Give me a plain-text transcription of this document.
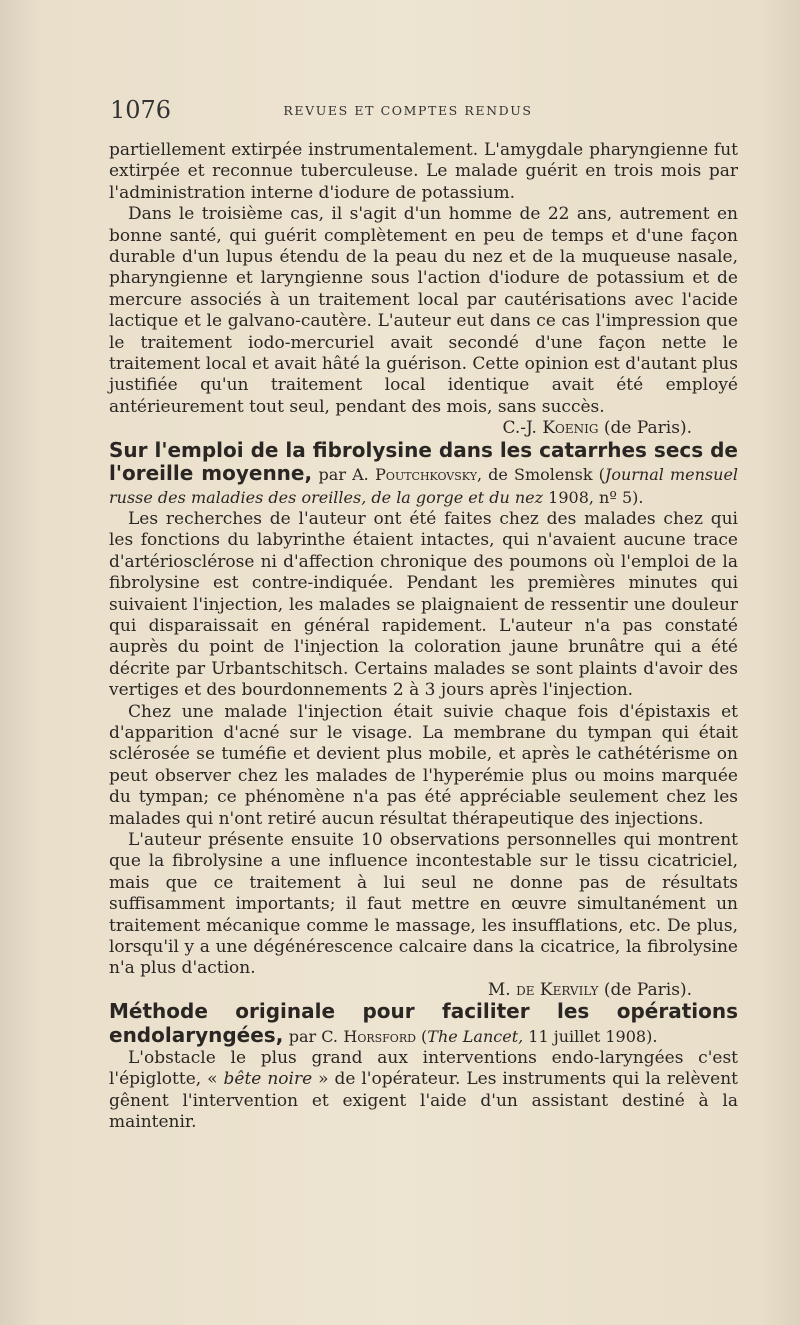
1076	REVUES ET COMPTES RENDUS

partiellement extirpée instrumentalement. L'amygdale pharyngienne fut extirpée et reconnue tuberculeuse. Le malade guérit en trois mois par l'administration interne d'iodure de potassium.

Dans le troisième cas, il s'agit d'un homme de 22 ans, autrement en bonne santé, qui guérit complètement en peu de temps et d'une façon durable d'un lupus étendu de la peau du nez et de la muqueuse nasale, pharyngienne et laryngienne sous l'action d'iodure de potassium et de mercure associés à un traitement local par cautérisations avec l'acide lactique et le galvano-cautère. L'auteur eut dans ce cas l'impression que le traitement iodo-mercuriel avait secondé d'une façon nette le traitement local et avait hâté la guérison. Cette opinion est d'autant plus justifiée qu'un traitement local identique avait été employé antérieurement tout seul, pendant des mois, sans succès.

C.-J. Koenig (de Paris).

Sur l'emploi de la fibrolysine dans les catarrhes secs de l'oreille moyenne, par A. Poutchkovsky, de Smolensk (Journal mensuel russe des maladies des oreilles, de la gorge et du nez 1908, nº 5).

Les recherches de l'auteur ont été faites chez des malades chez qui les fonctions du labyrinthe étaient intactes, qui n'avaient aucune trace d'artériosclérose ni d'affection chronique des poumons où l'emploi de la fibrolysine est contre-indiquée. Pendant les premières minutes qui suivaient l'injection, les malades se plaignaient de ressentir une douleur qui disparaissait en général rapidement. L'auteur n'a pas constaté auprès du point de l'injection la coloration jaune brunâtre qui a été décrite par Urbantschitsch. Certains malades se sont plaints d'avoir des vertiges et des bourdonnements 2 à 3 jours après l'injection.

Chez une malade l'injection était suivie chaque fois d'épistaxis et d'apparition d'acné sur le visage. La membrane du tympan qui était sclérosée se tuméfie et devient plus mobile, et après le cathétérisme on peut observer chez les malades de l'hyperémie plus ou moins marquée du tympan; ce phénomène n'a pas été appréciable seulement chez les malades qui n'ont retiré aucun résultat thérapeutique des injections.

L'auteur présente ensuite 10 observations personnelles qui montrent que la fibrolysine a une influence incontestable sur le tissu cicatriciel, mais que ce traitement à lui seul ne donne pas de résultats suffisamment importants; il faut mettre en œuvre simultanément un traitement mécanique comme le massage, les insufflations, etc. De plus, lorsqu'il y a une dégénérescence calcaire dans la cicatrice, la fibrolysine n'a plus d'action.

M. de Kervily (de Paris).

Méthode originale pour faciliter les opérations endolaryngées, par C. Horsford (The Lancet, 11 juillet 1908).

L'obstacle le plus grand aux interventions endo-laryngées c'est l'épiglotte, « bête noire » de l'opérateur. Les instruments qui la relèvent gênent l'intervention et exigent l'aide d'un assistant destiné à la maintenir.
